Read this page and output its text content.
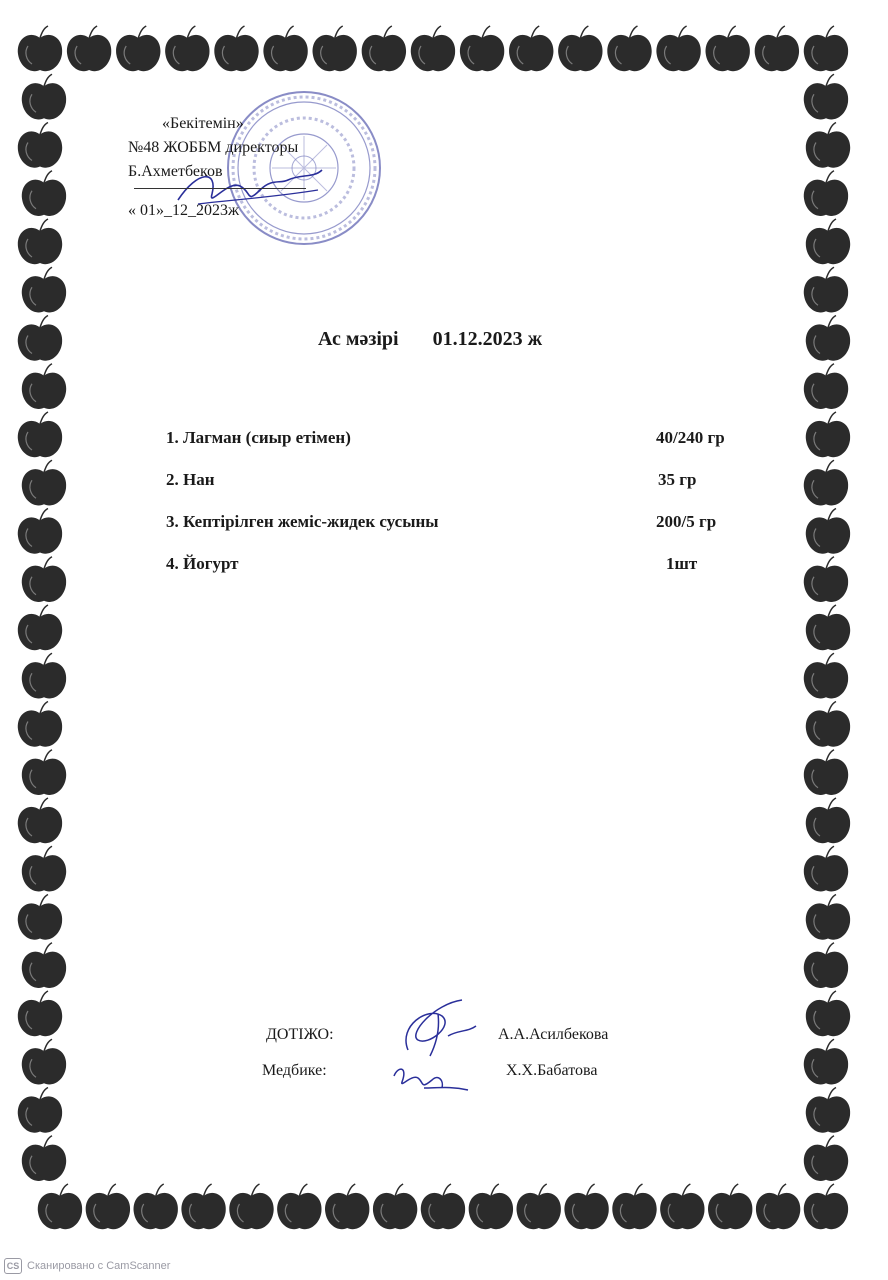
«Бекітемін»
№48 ЖОББМ директоры
Б.Ахметбеков
« 01»_12_2023ж
Ас мәзірі 01.12.2023 ж
1. Лагман (сиыр етімен)	40/240 гр
2. Нан	35 гр
3. Кептірілген жеміс-жидек сусыны	200/5 гр
4. Йогурт	1шт
ДОТІЖО:	А.А.Асилбекова
Медбике:	Х.Х.Бабатова
CS Сканировано с CamScanner
